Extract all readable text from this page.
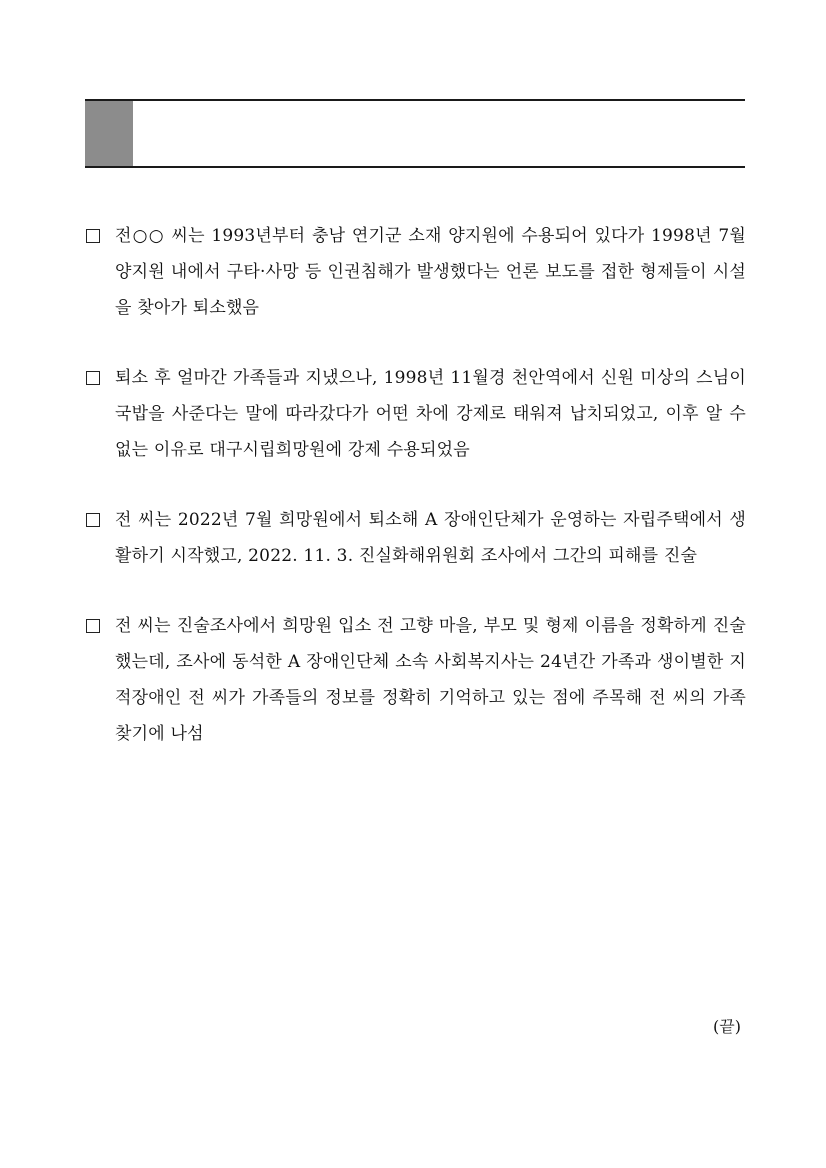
전○○ 씨는 1993년부터 충남 연기군 소재 양지원에 수용되어 있다가 1998년 7월 양지원 내에서 구타·사망 등 인권침해가 발생했다는 언론 보도를 접한 형제들이 시설을 찾아가 퇴소했음
퇴소 후 얼마간 가족들과 지냈으나, 1998년 11월경 천안역에서 신원 미상의 스님이 국밥을 사준다는 말에 따라갔다가 어떤 차에 강제로 태워져 납치되었고, 이후 알 수 없는 이유로 대구시립희망원에 강제 수용되었음
전 씨는 2022년 7월 희망원에서 퇴소해 A 장애인단체가 운영하는 자립주택에서 생활하기 시작했고, 2022. 11. 3. 진실화해위원회 조사에서 그간의 피해를 진술
전 씨는 진술조사에서 희망원 입소 전 고향 마을, 부모 및 형제 이름을 정확하게 진술했는데, 조사에 동석한 A 장애인단체 소속 사회복지사는 24년간 가족과 생이별한 지적장애인 전 씨가 가족들의 정보를 정확히 기억하고 있는 점에 주목해 전 씨의 가족 찾기에 나섬
(끝)
